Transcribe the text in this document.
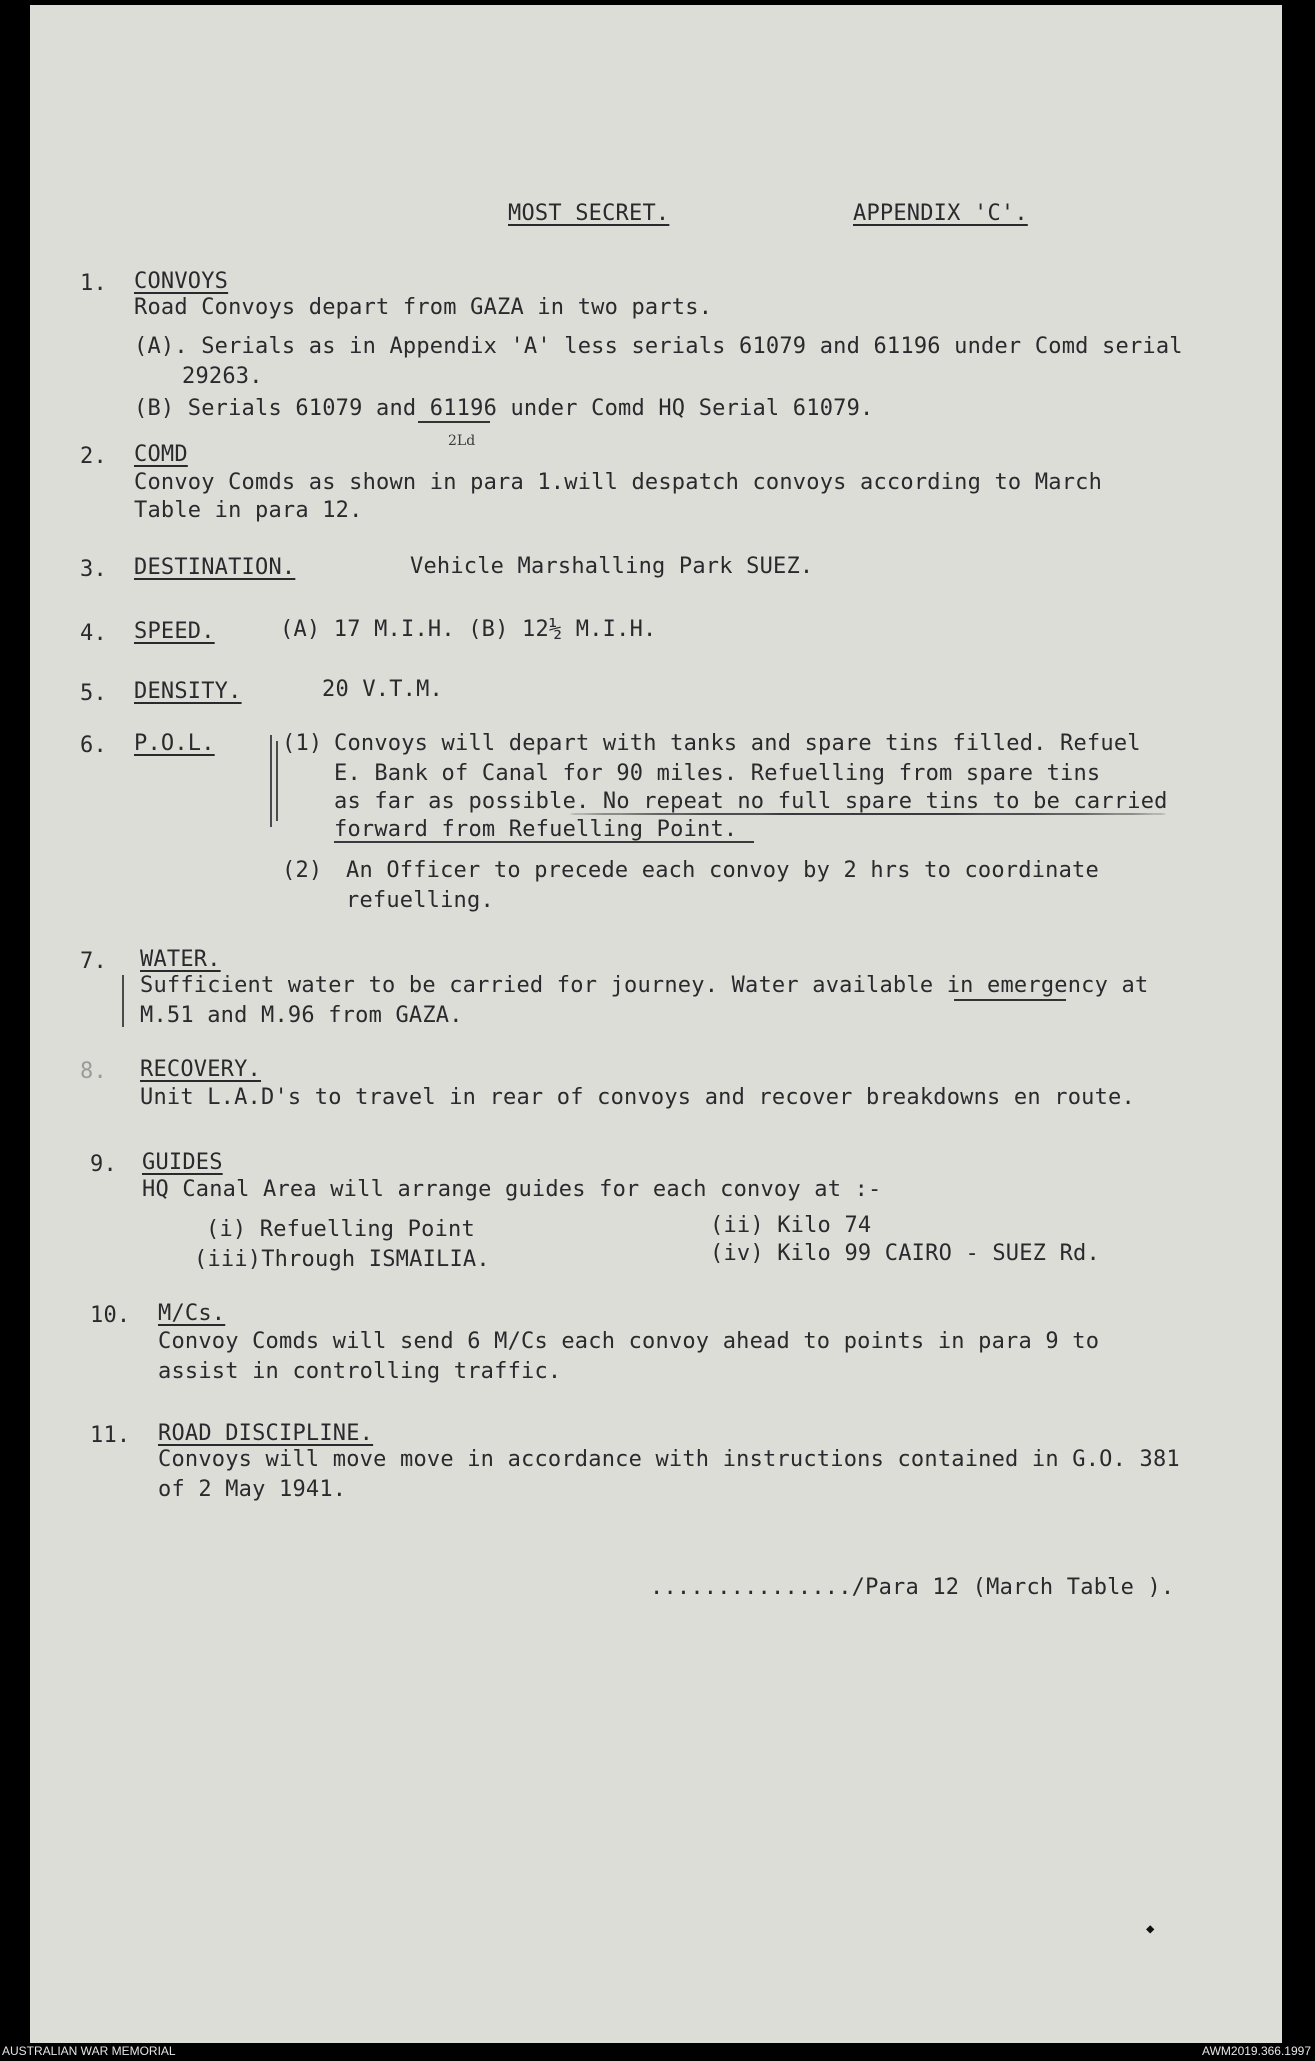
MOST SECRET.	APPENDIX 'C'.
1. CONVOYS
Road Convoys depart from GAZA in two parts.
(A). Serials as in Appendix 'A' less serials 61079 and 61196 under Comd serial
29263.
(B) Serials 61079 and 61196 under Comd HQ Serial 61079.
2. COMD
2Ld
Convoy Comds as shown in para 1.will despatch convoys according to March
Table in para 12.
3. DESTINATION.	Vehicle Marshalling Park SUEZ.
4. SPEED.	(A) 17 M.I.H. (B) 12½ M.I.H.
5. DENSITY.	20 V.T.M.
6. P.O.L.	(1) Convoys will depart with tanks and spare tins filled. Refuel
E. Bank of Canal for 90 miles. Refuelling from spare tins
as far as possible. No repeat no full spare tins to be carried
forward from Refuelling Point.
(2) An Officer to precede each convoy by 2 hrs to coordinate
refuelling.
7. WATER.
Sufficient water to be carried for journey. Water available in emergency at
M.51 and M.96 from GAZA.
8. RECOVERY.
Unit L.A.D's to travel in rear of convoys and recover breakdowns en route.
9. GUIDES
HQ Canal Area will arrange guides for each convoy at :-
(i) Refuelling Point	(ii) Kilo 74
(iii)Through ISMAILIA.	(iv) Kilo 99 CAIRO - SUEZ Rd.
10. M/Cs.
Convoy Comds will send 6 M/Cs each convoy ahead to points in para 9 to
assist in controlling traffic.
11. ROAD DISCIPLINE.
Convoys will move move in accordance with instructions contained in G.O. 381
of 2 May 1941.
.............../Para 12 (March Table ).
◆
AUSTRALIAN WAR MEMORIAL	AWM2019.366.1997
